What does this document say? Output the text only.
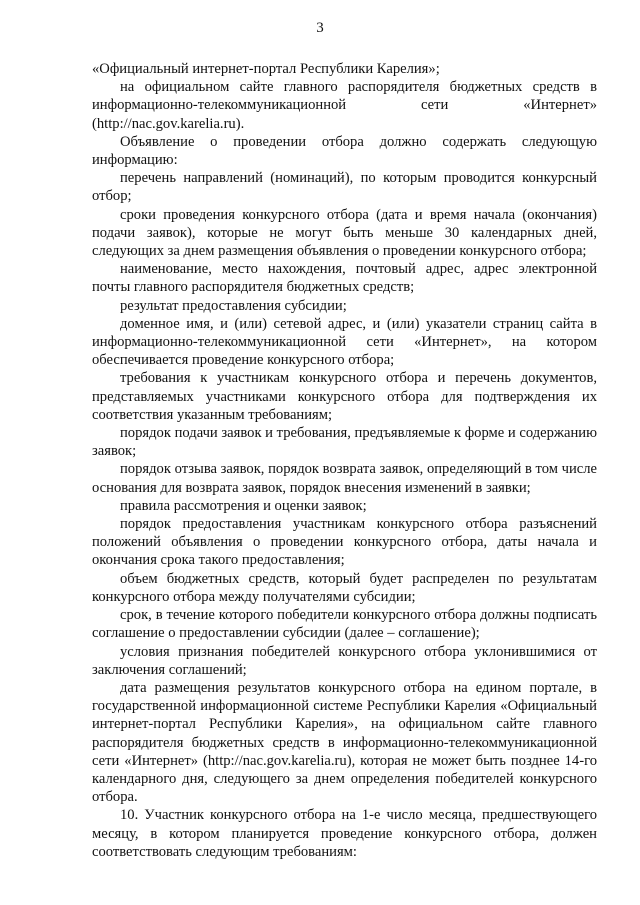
3

«Официальный интернет-портал Республики Карелия»;

на официальном сайте главного распорядителя бюджетных средств в информационно-телекоммуникационной сети «Интернет» (http://nac.gov.karelia.ru).

Объявление о проведении отбора должно содержать следующую информацию:

перечень направлений (номинаций), по которым проводится конкурсный отбор;

сроки проведения конкурсного отбора (дата и время начала (окончания) подачи заявок), которые не могут быть меньше 30 календарных дней, следующих за днем размещения объявления о проведении конкурсного отбора;

наименование, место нахождения, почтовый адрес, адрес электронной почты главного распорядителя бюджетных средств;

результат предоставления субсидии;

доменное имя, и (или) сетевой адрес, и (или) указатели страниц сайта в информационно-телекоммуникационной сети «Интернет», на котором обеспечивается проведение конкурсного отбора;

требования к участникам конкурсного отбора и перечень документов, представляемых участниками конкурсного отбора для подтверждения их соответствия указанным требованиям;

порядок подачи заявок и требования, предъявляемые к форме и содержанию заявок;

порядок отзыва заявок, порядок возврата заявок, определяющий в том числе основания для возврата заявок, порядок внесения изменений в заявки;

правила рассмотрения и оценки заявок;

порядок предоставления участникам конкурсного отбора разъяснений положений объявления о проведении конкурсного отбора, даты начала и окончания срока такого предоставления;

объем бюджетных средств, который будет распределен по результатам конкурсного отбора между получателями субсидии;

срок, в течение которого победители конкурсного отбора должны подписать соглашение о предоставлении субсидии (далее – соглашение);

условия признания победителей конкурсного отбора уклонившимися от заключения соглашений;

дата размещения результатов конкурсного отбора на едином портале, в государственной информационной системе Республики Карелия «Официальный интернет-портал Республики Карелия», на официальном сайте главного распорядителя бюджетных средств в информационно-телекоммуникационной сети «Интернет» (http://nac.gov.karelia.ru), которая не может быть позднее 14-го календарного дня, следующего за днем определения победителей конкурсного отбора.

10. Участник конкурсного отбора на 1-е число месяца, предшествующего месяцу, в котором планируется проведение конкурсного отбора, должен соответствовать следующим требованиям:
